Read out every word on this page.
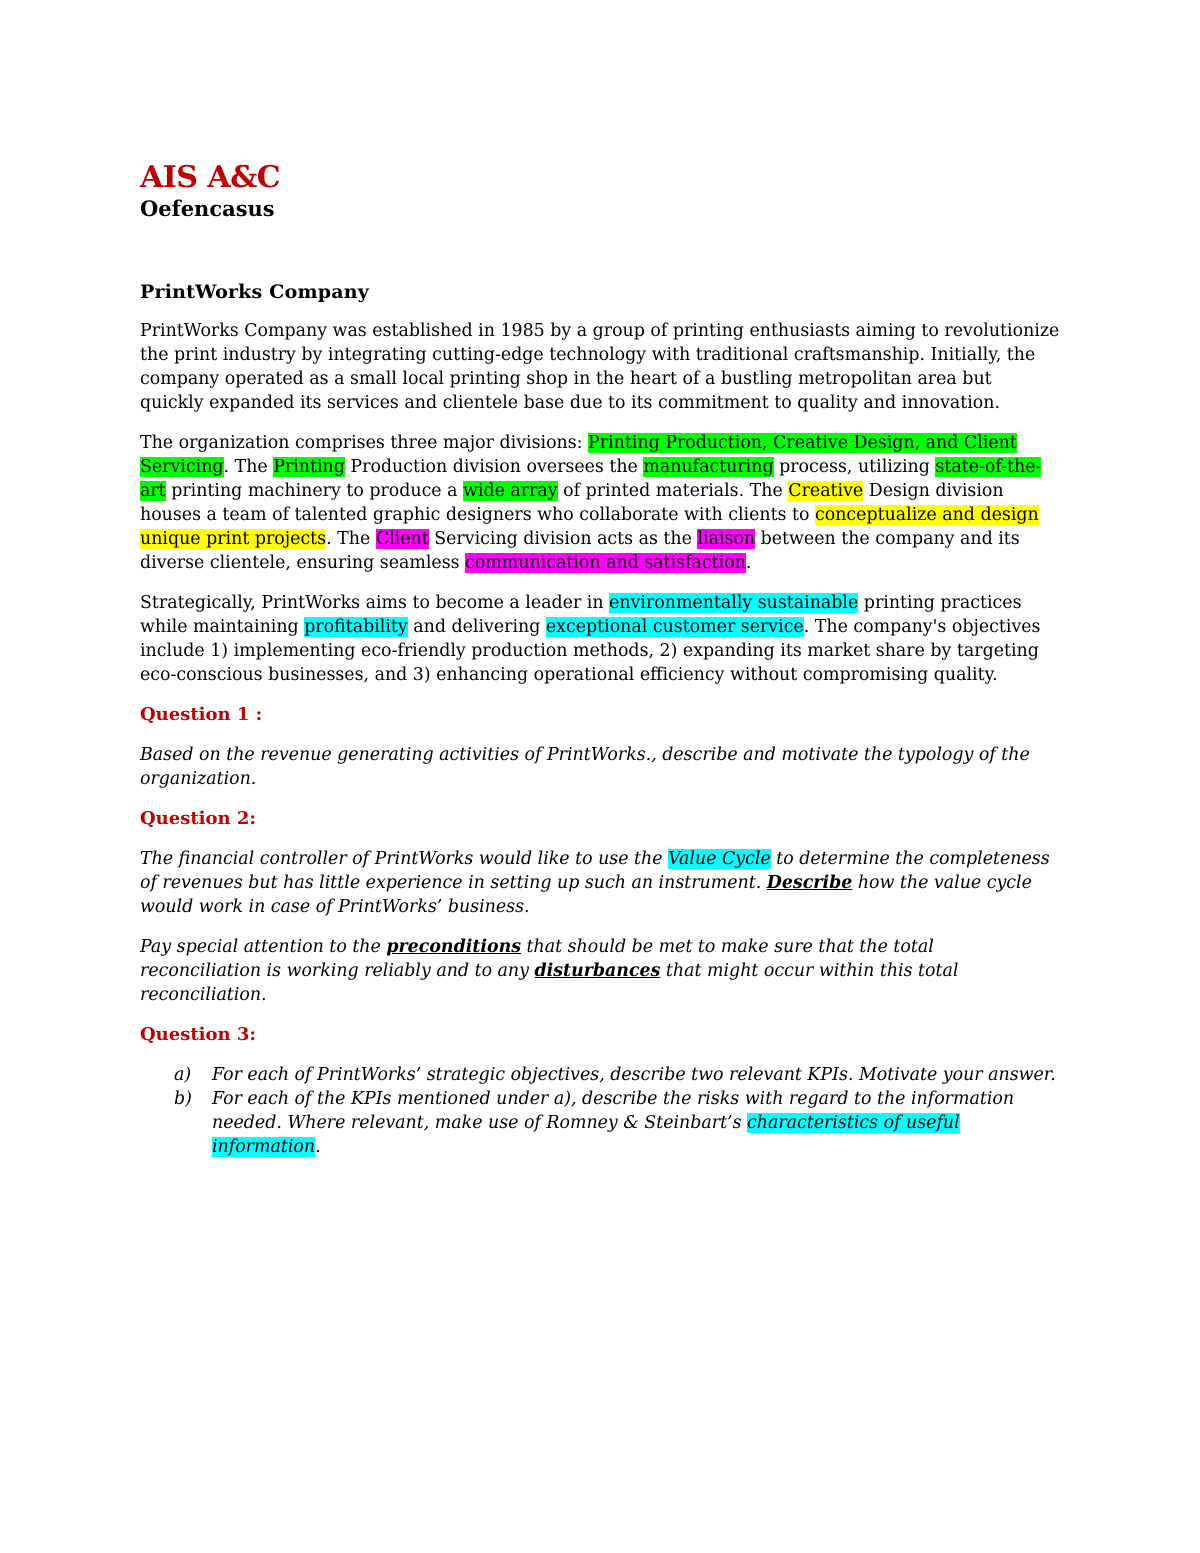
AIS A&C
Oefencasus
PrintWorks Company

PrintWorks Company was established in 1985 by a group of printing enthusiasts aiming to revolutionize the print industry by integrating cutting-edge technology with traditional craftsmanship. Initially, the company operated as a small local printing shop in the heart of a bustling metropolitan area but quickly expanded its services and clientele base due to its commitment to quality and innovation.

The organization comprises three major divisions: Printing Production, Creative Design, and Client Servicing. The Printing Production division oversees the manufacturing process, utilizing state-of-the-art printing machinery to produce a wide array of printed materials. The Creative Design division houses a team of talented graphic designers who collaborate with clients to conceptualize and design unique print projects. The Client Servicing division acts as the liaison between the company and its diverse clientele, ensuring seamless communication and satisfaction.

Strategically, PrintWorks aims to become a leader in environmentally sustainable printing practices while maintaining profitability and delivering exceptional customer service. The company's objectives include 1) implementing eco-friendly production methods, 2) expanding its market share by targeting eco-conscious businesses, and 3) enhancing operational efficiency without compromising quality.

Question 1 :

Based on the revenue generating activities of PrintWorks., describe and motivate the typology of the organization.

Question 2:

The financial controller of PrintWorks would like to use the Value Cycle to determine the completeness of revenues but has little experience in setting up such an instrument. Describe how the value cycle would work in case of PrintWorks’ business.

Pay special attention to the preconditions that should be met to make sure that the total reconciliation is working reliably and to any disturbances that might occur within this total reconciliation.

Question 3:
a) For each of PrintWorks’ strategic objectives, describe two relevant KPIs. Motivate your answer.
b) For each of the KPIs mentioned under a), describe the risks with regard to the information needed. Where relevant, make use of Romney & Steinbart’s characteristics of useful information.
